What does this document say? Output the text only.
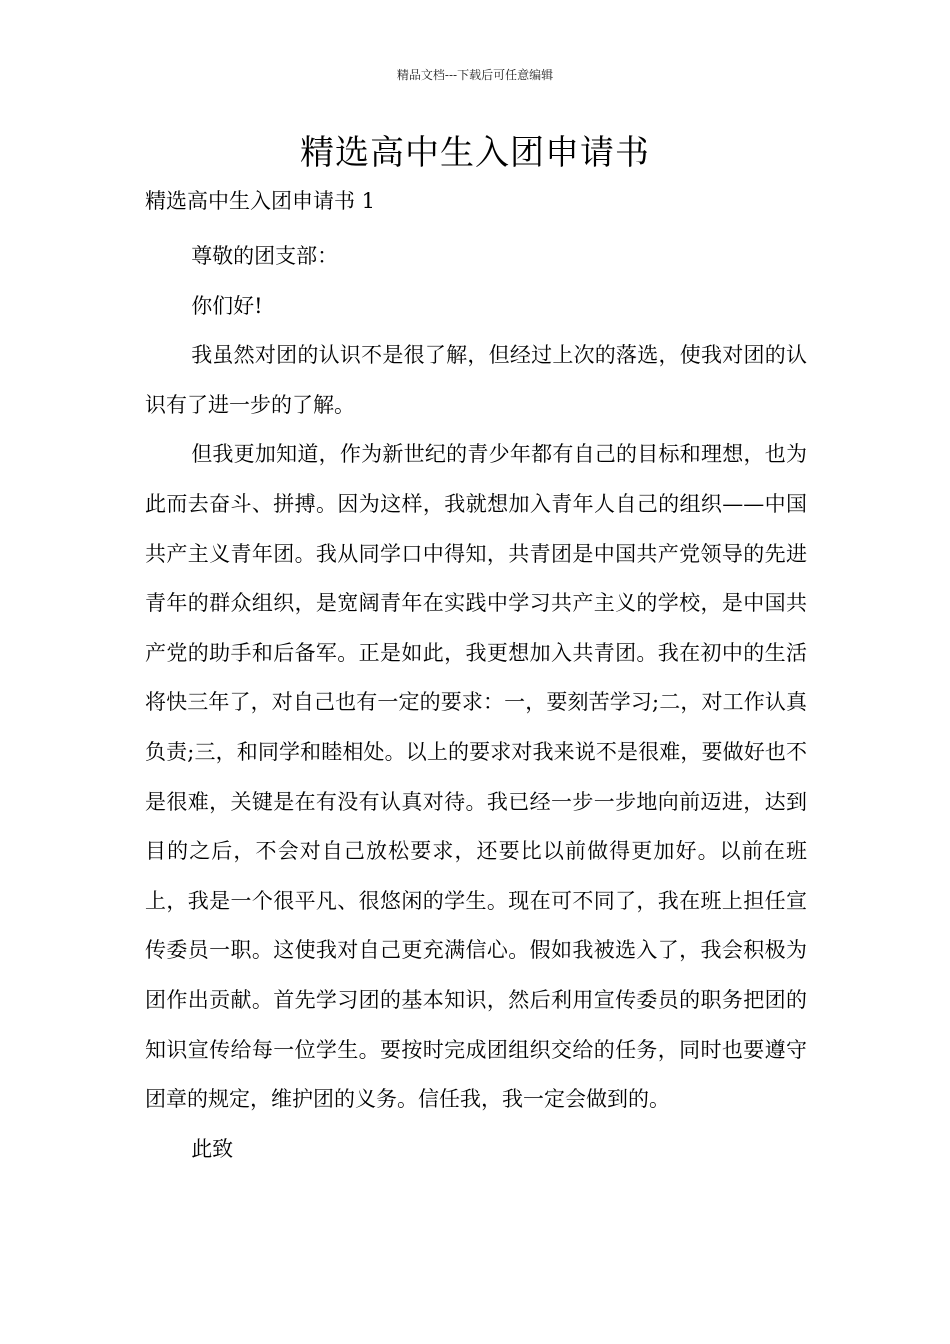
精品文档---下载后可任意编辑
精选高中生入团申请书
精选高中生入团申请书 1

尊敬的团支部：

你们好!

我虽然对团的认识不是很了解，但经过上次的落选，使我对团的认识有了进一步的了解。

但我更加知道，作为新世纪的青少年都有自己的目标和理想，也为此而去奋斗、拼搏。因为这样，我就想加入青年人自己的组织——中国共产主义青年团。我从同学口中得知，共青团是中国共产党领导的先进青年的群众组织，是宽阔青年在实践中学习共产主义的学校，是中国共产党的助手和后备军。正是如此，我更想加入共青团。我在初中的生活将快三年了，对自己也有一定的要求：一，要刻苦学习;二，对工作认真负责;三，和同学和睦相处。以上的要求对我来说不是很难，要做好也不是很难，关键是在有没有认真对待。我已经一步一步地向前迈进，达到目的之后，不会对自己放松要求，还要比以前做得更加好。以前在班上，我是一个很平凡、很悠闲的学生。现在可不同了，我在班上担任宣传委员一职。这使我对自己更充满信心。假如我被选入了，我会积极为团作出贡献。首先学习团的基本知识，然后利用宣传委员的职务把团的知识宣传给每一位学生。要按时完成团组织交给的任务，同时也要遵守团章的规定，维护团的义务。信任我，我一定会做到的。

此致
